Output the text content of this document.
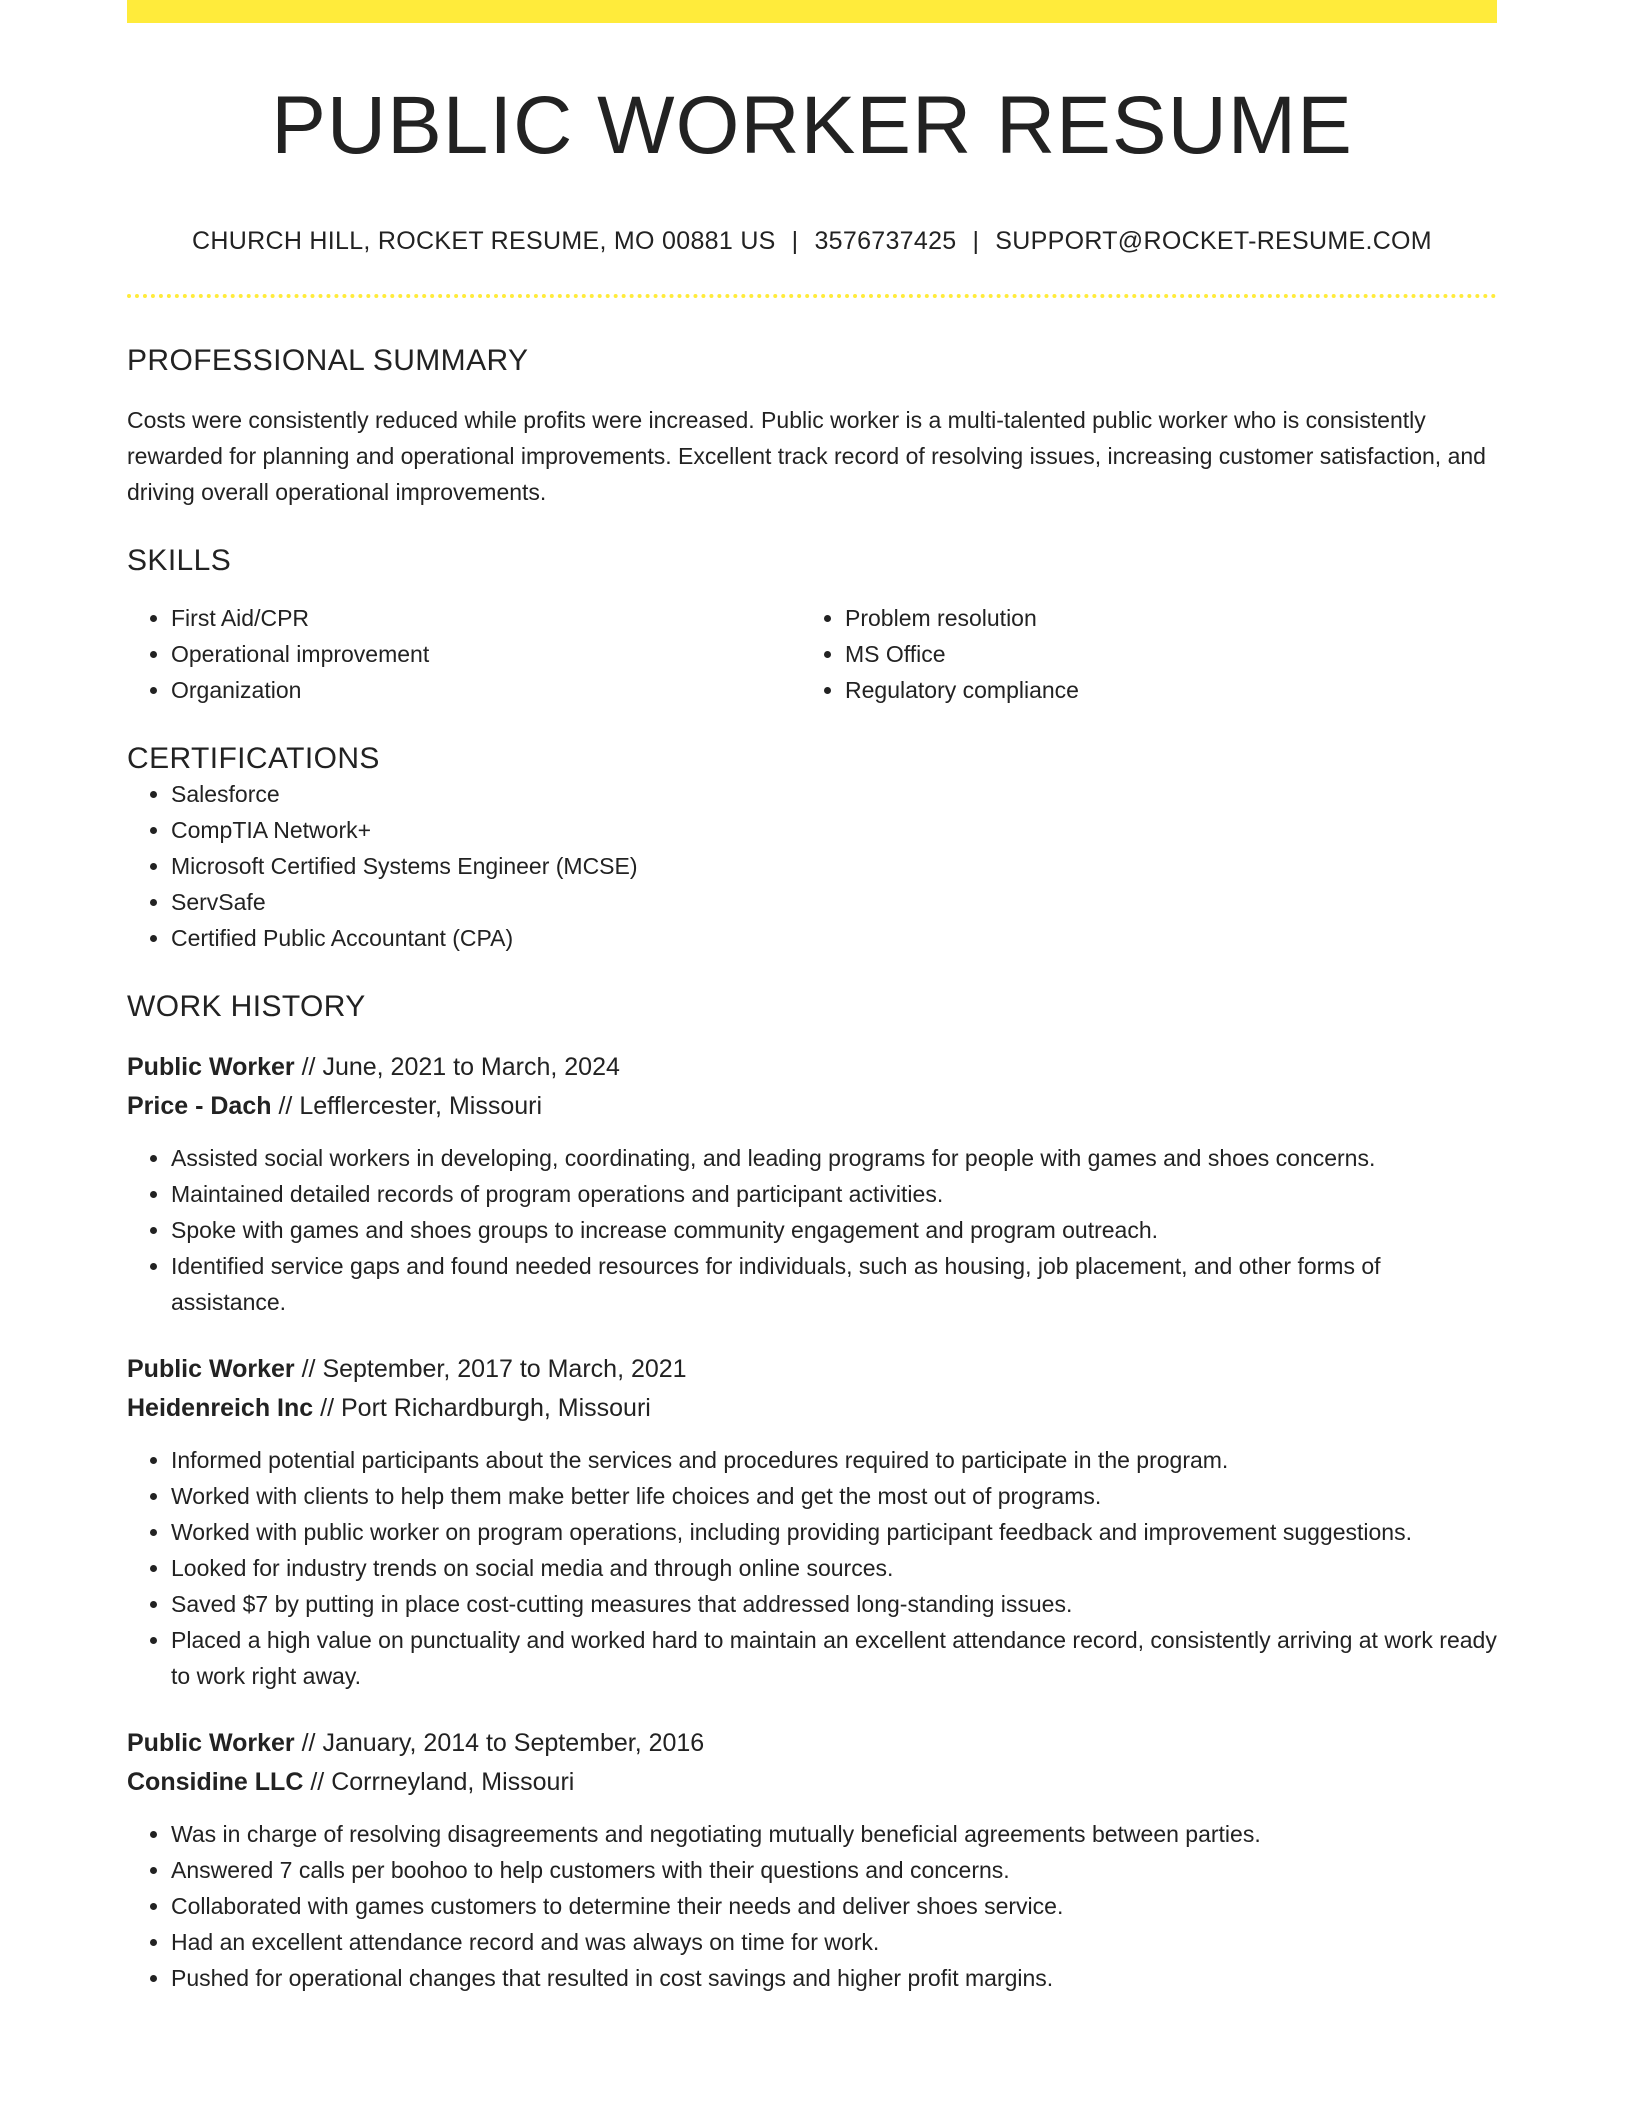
PUBLIC WORKER RESUME
CHURCH HILL, ROCKET RESUME, MO 00881 US | 3576737425 | SUPPORT@ROCKET-RESUME.COM
PROFESSIONAL SUMMARY
Costs were consistently reduced while profits were increased. Public worker is a multi-talented public worker who is consistently rewarded for planning and operational improvements. Excellent track record of resolving issues, increasing customer satisfaction, and driving overall operational improvements.
SKILLS
• First Aid/CPR
• Operational improvement
• Organization
• Problem resolution
• MS Office
• Regulatory compliance
CERTIFICATIONS
• Salesforce
• CompTIA Network+
• Microsoft Certified Systems Engineer (MCSE)
• ServSafe
• Certified Public Accountant (CPA)
WORK HISTORY
Public Worker // June, 2021 to March, 2024
Price - Dach // Lefflercester, Missouri
• Assisted social workers in developing, coordinating, and leading programs for people with games and shoes concerns.
• Maintained detailed records of program operations and participant activities.
• Spoke with games and shoes groups to increase community engagement and program outreach.
• Identified service gaps and found needed resources for individuals, such as housing, job placement, and other forms of assistance.
Public Worker // September, 2017 to March, 2021
Heidenreich Inc // Port Richardburgh, Missouri
• Informed potential participants about the services and procedures required to participate in the program.
• Worked with clients to help them make better life choices and get the most out of programs.
• Worked with public worker on program operations, including providing participant feedback and improvement suggestions.
• Looked for industry trends on social media and through online sources.
• Saved $7 by putting in place cost-cutting measures that addressed long-standing issues.
• Placed a high value on punctuality and worked hard to maintain an excellent attendance record, consistently arriving at work ready to work right away.
Public Worker // January, 2014 to September, 2016
Considine LLC // Corrneyland, Missouri
• Was in charge of resolving disagreements and negotiating mutually beneficial agreements between parties.
• Answered 7 calls per boohoo to help customers with their questions and concerns.
• Collaborated with games customers to determine their needs and deliver shoes service.
• Had an excellent attendance record and was always on time for work.
• Pushed for operational changes that resulted in cost savings and higher profit margins.
